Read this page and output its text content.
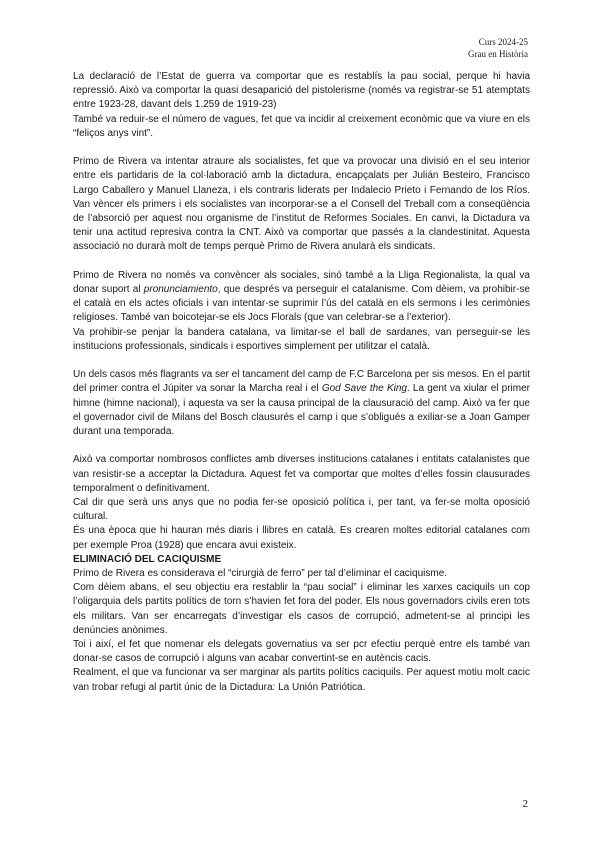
Curs 2024-25
Grau en Història

La declaració de l’Estat de guerra va comportar que es restablís la pau social, perque hi havia repressió. Això va comportar la quasi desaparició del pistolerisme (només va registrar-se 51 atemptats entre 1923-28, davant dels 1.259 de 1919-23)

També va reduir-se el número de vagues, fet que va incidir al creixement econòmic que va viure en els “feliços anys vint”.

Primo de Rivera va intentar atraure als socialistes, fet que va provocar una divisió en el seu interior entre els partidaris de la col·laboració amb la dictadura, encapçalats per Julián Besteiro, Francisco Largo Caballero y Manuel Llaneza, i els contraris liderats per Indalecio Prieto i Fernando de los Ríos. Van vèncer els primers i els socialistes van incorporar-se a el Consell del Treball com a conseqüència de l’absorció per aquest nou organisme de l’institut de Reformes Sociales. En canvi, la Dictadura va tenir una actitud represiva contra la CNT. Això va comportar que passés a la clandestinitat. Aquesta associació no durarà molt de temps perquè Primo de Rivera anularà els sindicats.

Primo de Rivera no només va convèncer als sociales, sinó també a la Lliga Regionalista, la qual va donar suport al pronunciamiento, que després va perseguir el catalanisme. Com dèiem, va prohibir-se el català en els actes oficials i van intentar-se suprimir l’ús del català en els sermons i les cerimònies religioses. També van boicotejar-se els Jocs Florals (que van celebrar-se a l’exterior).

Va prohibir-se penjar la bandera catalana, va limitar-se el ball de sardanes, van perseguir-se les institucions professionals, sindicals i esportives simplement per utilitzar el català.

Un dels casos més flagrants va ser el tancament del camp de F.C Barcelona per sis mesos. En el partit del primer contra el Júpiter va sonar la Marcha real i el God Save the King. La gent va xiular el primer himne (himne nacional), i aquesta va ser la causa principal de la clausuració del camp. Això va fer que el governador civil de Milans del Bosch clausurés el camp i que s’obligués a exiliar-se a Joan Gamper durant una temporada.

Això va comportar nombrosos conflictes amb diverses institucions catalanes i entitats catalanistes que van resistir-se a acceptar la Dictadura. Aquest fet va comportar que moltes d’elles fossin clausurades temporalment o definitivament.

Cal dir que serà uns anys que no podia fer-se oposició política i, per tant, va fer-se molta oposició cultural.

És una època que hi hauran més diaris i llibres en català. Es crearen moltes editorial catalanes com per exemple Proa (1928) que encara avui existeix.

ELIMINACIÓ DEL CACIQUISME

Primo de Rivera es considerava el “cirurgià de ferro” per tal d’eliminar el caciquisme.

Com dèiem abans, el seu objectiu era restablir la “pau social” i eliminar les xarxes caciquils un cop l’oligarquia dels partits polítics de torn s’havien fet fora del poder. Els nous governadors civils eren tots els militars. Van ser encarregats d’investigar els casos de corrupció, admetent-se al principi les denúncies anònimes.

Toi i així, el fet que nomenar els delegats governatius va ser pcr efectiu perquè entre els també van donar-se casos de corrupció i alguns van acabar convertint-se en autèncis cacis.

Realment, el que va funcionar va ser marginar als partits polítics caciquils. Per aquest motiu molt cacic van trobar refugi al partit únic de la Dictadura: La Unión Patriótica.

2
